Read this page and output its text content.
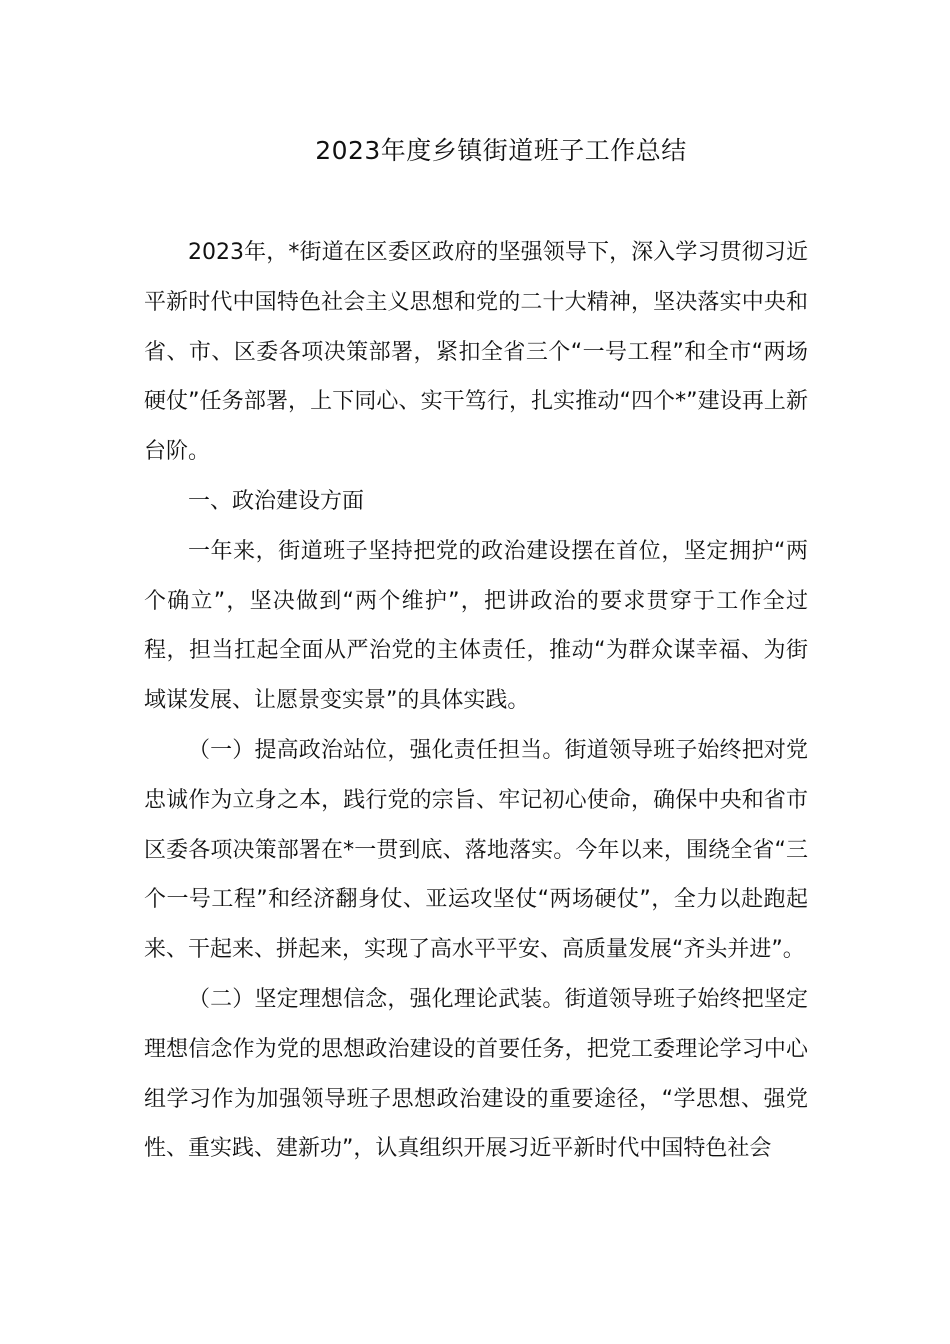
2023年度乡镇街道班子工作总结

2023年，*街道在区委区政府的坚强领导下，深入学习贯彻习近平新时代中国特色社会主义思想和党的二十大精神，坚决落实中央和省、市、区委各项决策部署，紧扣全省三个“一号工程”和全市“两场硬仗”任务部署，上下同心、实干笃行，扎实推动“四个*”建设再上新台阶。

一、政治建设方面

一年来，街道班子坚持把党的政治建设摆在首位，坚定拥护“两个确立”，坚决做到“两个维护”，把讲政治的要求贯穿于工作全过程，担当扛起全面从严治党的主体责任，推动“为群众谋幸福、为街域谋发展、让愿景变实景”的具体实践。

（一）提高政治站位，强化责任担当。街道领导班子始终把对党忠诚作为立身之本，践行党的宗旨、牢记初心使命，确保中央和省市区委各项决策部署在*一贯到底、落地落实。今年以来，围绕全省“三个一号工程”和经济翻身仗、亚运攻坚仗“两场硬仗”，全力以赴跑起来、干起来、拼起来，实现了高水平平安、高质量发展“齐头并进”。

（二）坚定理想信念，强化理论武装。街道领导班子始终把坚定理想信念作为党的思想政治建设的首要任务，把党工委理论学习中心组学习作为加强领导班子思想政治建设的重要途径，“学思想、强党性、重实践、建新功”，认真组织开展习近平新时代中国特色社会
